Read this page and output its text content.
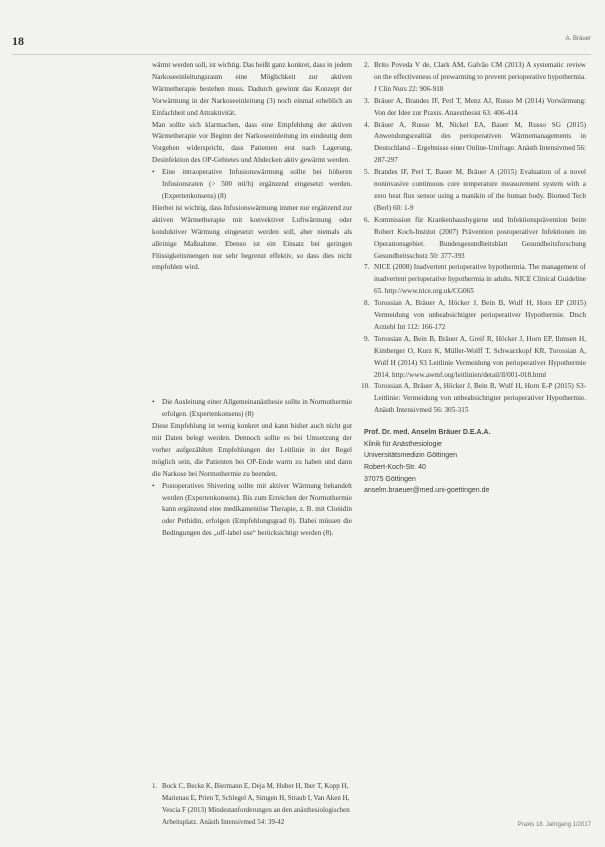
18	A. Bräuer

wärmt werden soll, ist wichtig. Das heißt ganz konkret, dass in jedem Narkoseeinleitungsraum eine Möglichkeit zur aktiven Wärmetherapie bestehen muss. Dadurch gewinnt das Konzept der Vorwärmung in der Narkoseeinleitung (3) noch einmal erheblich an Einfachheit und Attraktivität.

Man sollte sich klarmachen, dass eine Empfehlung der aktiven Wärmetherapie vor Beginn der Narkoseeinleitung im eindeutig dem Vorgehen widerspricht, dass Patienten erst nach Lagerung, Desinfektion des OP-Gebietes und Abdecken aktiv gewärmt werden.

• Eine intraoperative Infusionswärmung sollte bei höheren Infusionsraten (> 500 ml/h) ergänzend eingesetzt werden. (Expertenkonsens) (8)

Hierbei ist wichtig, dass Infusionswärmung immer nur ergänzend zur aktiven Wärmetherapie mit konvektiver Luftwärmung oder konduktiver Wärmung eingesetzt werden soll, aber niemals als alleinige Maßnahme. Ebenso ist ein Einsatz bei geringen Flüssigkeitsmengen nur sehr begrenzt effektiv, so dass dies nicht empfohlen wird.

• Die Ausleitung einer Allgemeinanästhesie sollte in Normothermie erfolgen. (Expertenkonsens) (8)

Diese Empfehlung ist wenig konkret und kann bisher auch nicht gut mit Daten belegt werden. Dennoch sollte es bei Umsetzung der vorher aufgezählten Empfehlungen der Leitlinie in der Regel möglich sein, die Patienten bei OP-Ende warm zu haben und dann die Narkose bei Normothermie zu beenden.

• Postoperatives Shivering sollte mit aktiver Wärmung behandelt werden (Expertenkonsens). Bis zum Erreichen der Normothermie kann ergänzend eine medikamentöse Therapie, z. B. mit Clonidin oder Pethidin, erfolgen (Empfehlungsgrad 0). Dabei müssen die Bedingungen des „off-label use“ berücksichtigt werden (8).

1. Bock C, Becke K, Biermann E, Deja M, Huber H, Iber T, Kopp H, Marienau E, Prien T, Schlegel A, Simgen H, Straub I, Van Aken H, Vescia F (2013) Mindestanforderungen an den anästhesiologischen Arbeitsplatz. Anästh Intensivmed 54: 39-42

2. Brito Poveda V de, Clark AM, Galvão CM (2013) A systematic review on the effectiveness of prewarming to prevent perioperative hypothermia. J Clin Nurs 22: 906-918

3. Bräuer A, Brandes IF, Perl T, Menz AJ, Russo M (2014) Vorwärmung: Von der Idee zur Praxis. Anaesthesist 63: 406-414

4. Bräuer A, Russo M, Nickel EA, Bauer M, Russo SG (2015) Anwendungsrealität des perioperativen Wärmemanagements in Deutschland – Ergebnisse einer Online-Umfrage. Anästh Intensivmed 56: 287-297

5. Brandes IF, Perl T, Bauer M, Bräuer A (2015) Evaluation of a novel noninvasive continuous core temperature measurement system with a zero heat flux sensor using a manikin of the human body. Biomed Tech (Berl) 60: 1-9

6. Kommission für Krankenhaushygiene und Infektionsprävention beim Robert Koch-Institut (2007) Prävention postoperativer Infektionen im Operationsgebiet. Bundesgesundheitsblatt Gesundheitsforschung Gesundheitsschutz 50: 377-393

7. NICE (2008) Inadvertent perioperative hypothermia. The management of inadvertent perioperative hypothermia in adults. NICE Clinical Guideline 65. http://www.nice.org.uk/CG065

8. Torossian A, Bräuer A, Höcker J, Bein B, Wulf H, Horn EP (2015) Vermeidung von unbeabsichtigter perioperativer Hypothermie. Dtsch Arztebl Int 112: 166-172

9. Torossian A, Bein B, Bräuer A, Greif R, Höcker J, Horn EP, Ihmsen H, Kimberger O, Kurz K, Müller-Wolff T, Schwarzkopf KR, Torossian A, Wulf H (2014) S3 Leitlinie Vermeidung von perioperativer Hypothermie 2014. http://www.awmf.org/leitlinien/detail/ll/001-018.html

10. Torossian A, Bräuer A, Höcker J, Bein B, Wulf H, Horn E-P (2015) S3-Leitlinie: Vermeidung von unbeabsichtigter perioperativer Hypothermie. Anästh Intensivmed 56: 305-315

Prof. Dr. med. Anselm Bräuer D.E.A.A.
Klinik für Anästhesiologie
Universitätsmedizin Göttingen
Robert-Koch-Str. 40
37075 Göttingen
anselm.braeuer@med.uni-goettingen.de
Praxis 18. Jahrgang 1/2017
